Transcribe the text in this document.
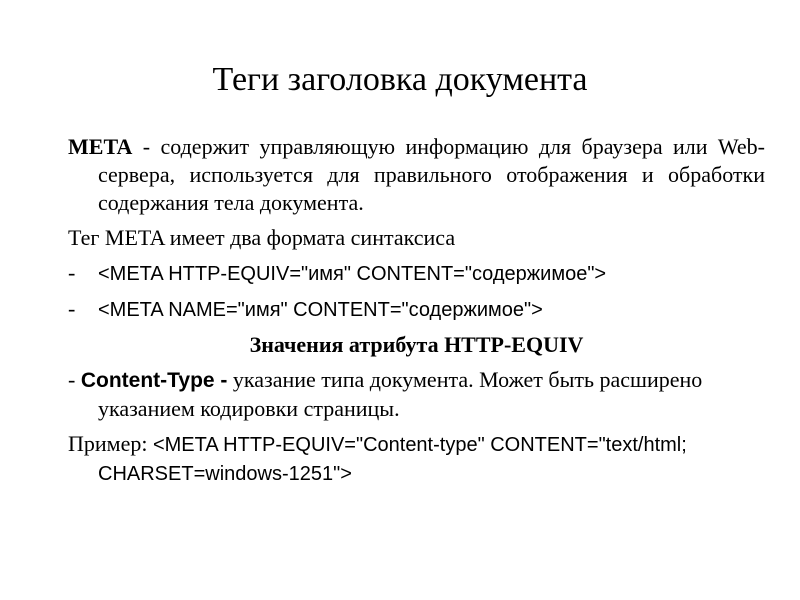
Теги заголовка документа

META - содержит управляющую информацию для браузера или Web-сервера, используется для правильного отображения и обработки содержания тела документа.

Тег META имеет два формата синтаксиса

-	<META HTTP-EQUIV="имя" CONTENT="содержимое">
-	<META NAME="имя" CONTENT="содержимое">

Значения атрибута HTTP-EQUIV

- Content-Type - указание типа документа. Может быть расширено указанием кодировки страницы.

Пример: <META HTTP-EQUIV="Content-type" CONTENT="text/html; CHARSET=windows-1251">
